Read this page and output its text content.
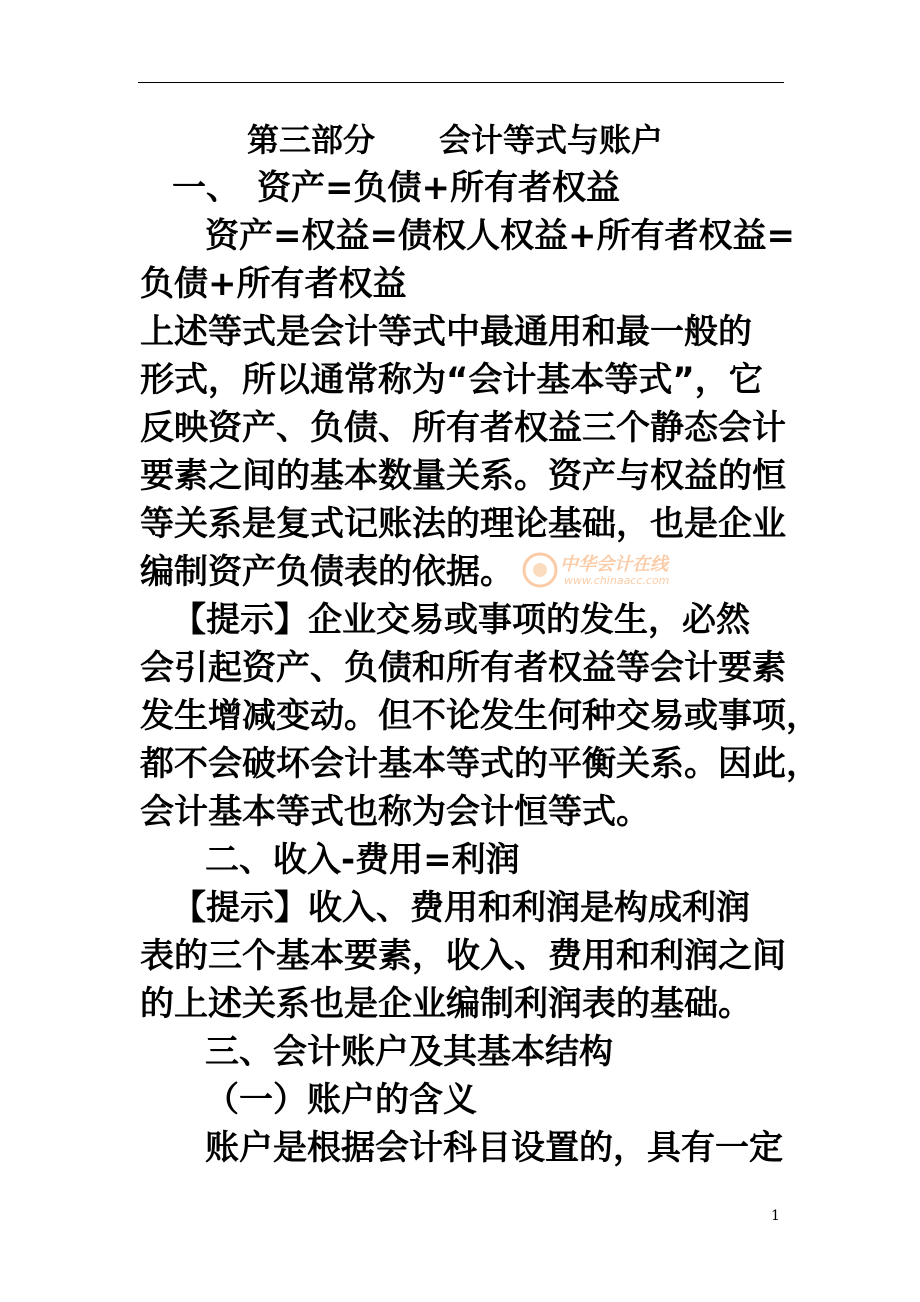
第三部分　　会计等式与账户
一、　资产=负债+所有者权益
资产=权益=债权人权益+所有者权益=
负债+所有者权益
上述等式是会计等式中最通用和最一般的
形式，所以通常称为“会计基本等式”，它
反映资产、负债、所有者权益三个静态会计
要素之间的基本数量关系。资产与权益的恒
等关系是复式记账法的理论基础，也是企业
编制资产负债表的依据。
【提示】企业交易或事项的发生，必然
会引起资产、负债和所有者权益等会计要素
发生增减变动。但不论发生何种交易或事项，
都不会破坏会计基本等式的平衡关系。因此，
会计基本等式也称为会计恒等式。
二、收入-费用=利润
【提示】收入、费用和利润是构成利润
表的三个基本要素，收入、费用和利润之间
的上述关系也是企业编制利润表的基础。
三、会计账户及其基本结构
（一）账户的含义
账户是根据会计科目设置的，具有一定
中华会计在线
www.chinaacc.com
1
